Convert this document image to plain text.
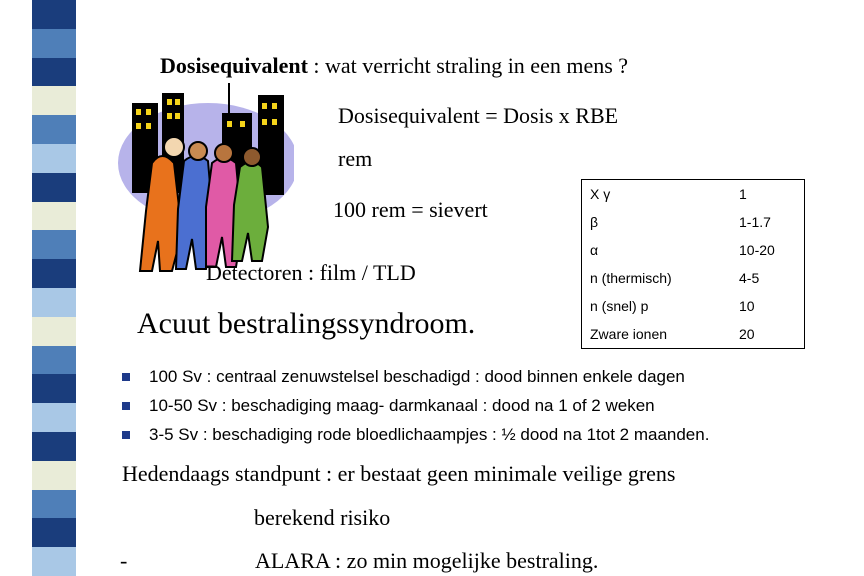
Dosisequivalent : wat verricht straling in een mens ?
Dosisequivalent = Dosis x RBE
rem
100 rem = sievert
Detectoren : film / TLD
Acuut bestralingssyndroom.
X γ	1
β	1-1.7
α	10-20
n (thermisch)	4-5
n (snel) p	10
Zware ionen	20
100 Sv : centraal zenuwstelsel beschadigd : dood binnen enkele dagen
10-50 Sv : beschadiging maag- darmkanaal : dood na 1 of 2 weken
3-5 Sv : beschadiging rode bloedlichaampjes : ½ dood na 1tot 2 maanden.
Hedendaags standpunt : er bestaat geen minimale veilige grens
berekend risiko
-	ALARA : zo min mogelijke bestraling.
